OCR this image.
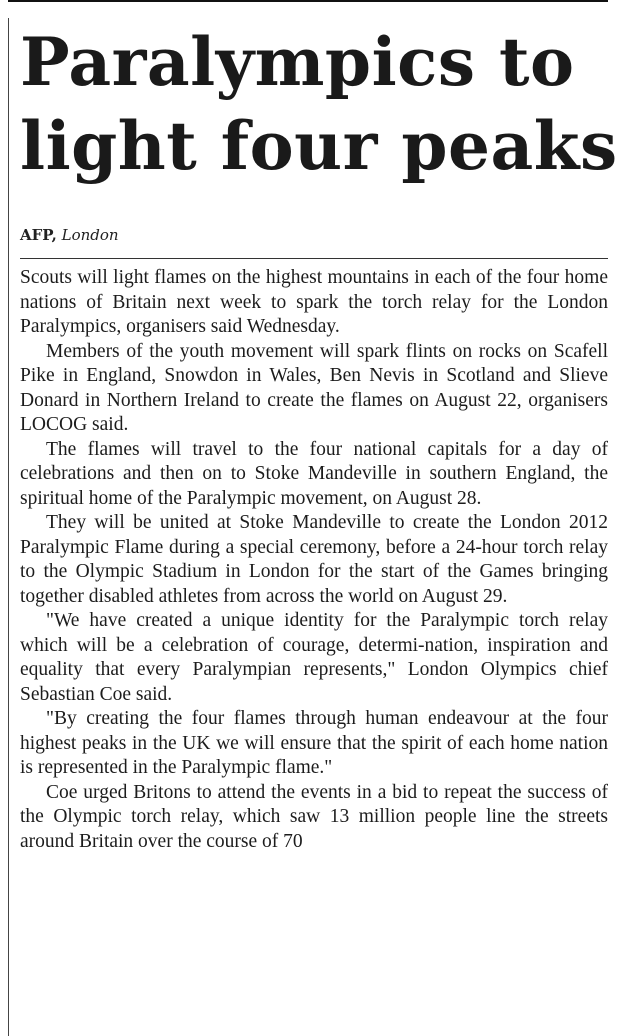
Paralympics to light four peaks
AFP, London

Scouts will light flames on the highest mountains in each of the four home nations of Britain next week to spark the torch relay for the London Paralympics, organisers said Wednesday.

Members of the youth movement will spark flints on rocks on Scafell Pike in England, Snowdon in Wales, Ben Nevis in Scotland and Slieve Donard in Northern Ireland to create the flames on August 22, organisers LOCOG said.

The flames will travel to the four national capitals for a day of celebrations and then on to Stoke Mandeville in southern England, the spiritual home of the Paralympic movement, on August 28.

They will be united at Stoke Mandeville to create the London 2012 Paralympic Flame during a special ceremony, before a 24-hour torch relay to the Olympic Stadium in London for the start of the Games bringing together disabled athletes from across the world on August 29.

"We have created a unique identity for the Paralympic torch relay which will be a celebration of courage, determi-nation, inspiration and equality that every Paralympian represents," London Olympics chief Sebastian Coe said.

"By creating the four flames through human endeavour at the four highest peaks in the UK we will ensure that the spirit of each home nation is represented in the Paralympic flame."

Coe urged Britons to attend the events in a bid to repeat the success of the Olympic torch relay, which saw 13 million people line the streets around Britain over the course of 70
